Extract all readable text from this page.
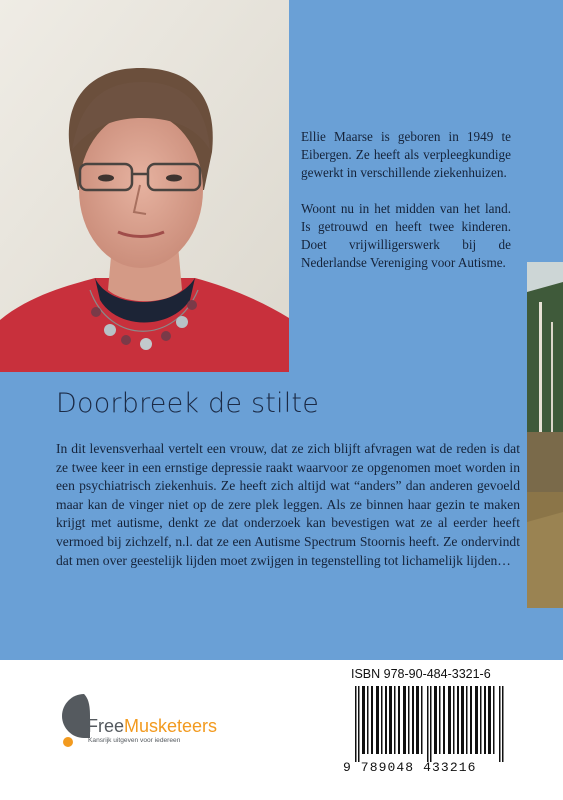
Ellie Maarse is geboren in 1949 te Eibergen. Ze heeft als verpleegkundige gewerkt in verschillende ziekenhuizen.

Woont nu in het midden van het land. Is getrouwd en heeft twee kinderen. Doet vrijwilligerswerk bij de Nederlandse Vereniging voor Autisme.

Doorbreek de stilte
In dit levensverhaal vertelt een vrouw, dat ze zich blijft afvragen wat de reden is dat ze twee keer in een ernstige depressie raakt waarvoor ze opgenomen moet worden in een psychiatrisch ziekenhuis. Ze heeft zich altijd wat “anders” dan anderen gevoeld maar kan de vinger niet op de zere plek leggen. Als ze binnen haar gezin te maken krijgt met autisme, denkt ze dat onderzoek kan bevestigen wat ze al eerder heeft vermoed bij zichzelf, n.l. dat ze een Autisme Spectrum Stoornis heeft. Ze ondervindt dat men over geestelijk lijden moet zwijgen in tegenstelling tot lichamelijk lijden…
FreeMusketeers
Kansrijk uitgeven voor iedereen
ISBN 978-90-484-3321-6
9 789048 433216
